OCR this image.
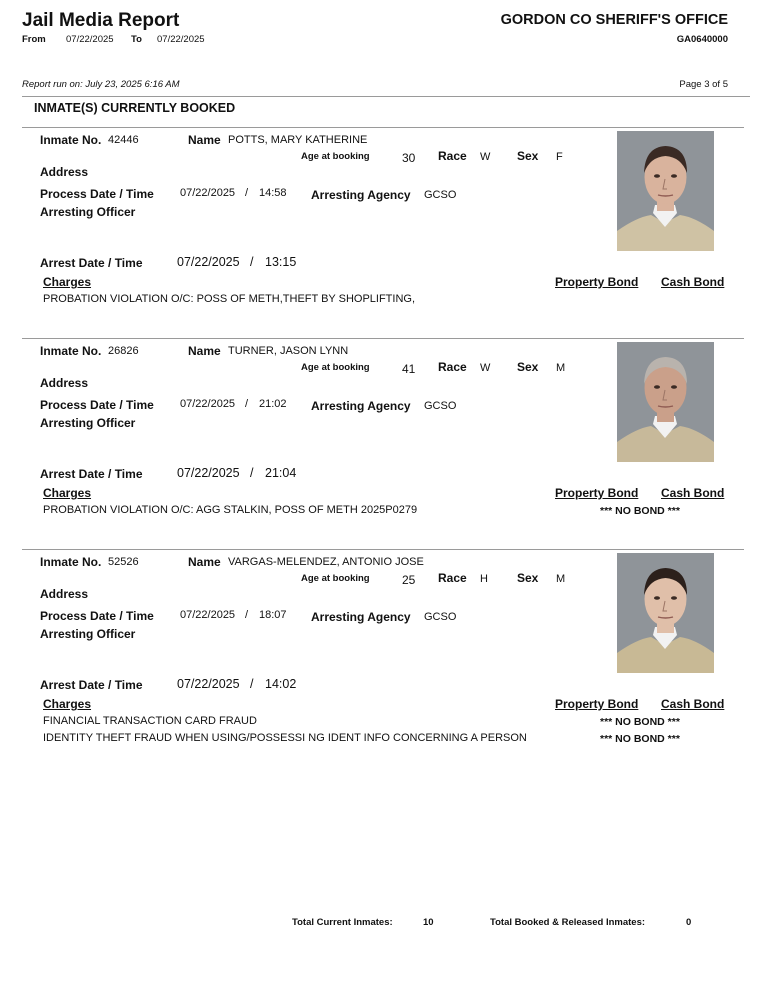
Jail Media Report
From 07/22/2025 To 07/22/2025
GORDON CO SHERIFF'S OFFICE
GA0640000
Report run on: July 23, 2025 6:16 AM	Page 3 of 5
INMATE(S) CURRENTLY BOOKED
Inmate No. 42446	Name POTTS, MARY KATHERINE
Age at booking	30 Race W Sex F
Address
Process Date / Time 07/22/2025 / 14:58 Arresting Agency GCSO
Arresting Officer
Arrest Date / Time	07/22/2025 / 13:15
Charges	Property Bond Cash Bond
PROBATION VIOLATION O/C: POSS OF METH,THEFT BY SHOPLIFTING,
Inmate No. 26826	Name TURNER, JASON LYNN
Age at booking	41 Race W Sex M
Address
Process Date / Time 07/22/2025 / 21:02 Arresting Agency GCSO
Arresting Officer
Arrest Date / Time	07/22/2025 / 21:04
Charges	Property Bond Cash Bond
PROBATION VIOLATION O/C: AGG STALKIN, POSS OF METH 2025P0279	*** NO BOND ***
Inmate No. 52526	Name VARGAS-MELENDEZ, ANTONIO JOSE
Age at booking	25 Race H Sex M
Address
Process Date / Time 07/22/2025 / 18:07 Arresting Agency GCSO
Arresting Officer
Arrest Date / Time	07/22/2025 / 14:02
Charges	Property Bond Cash Bond
FINANCIAL TRANSACTION CARD FRAUD	*** NO BOND ***
IDENTITY THEFT FRAUD WHEN USING/POSSESSI NG IDENT INFO CONCERNING A PERSON	*** NO BOND ***
Total Current Inmates:	10	Total Booked & Released Inmates:	0
